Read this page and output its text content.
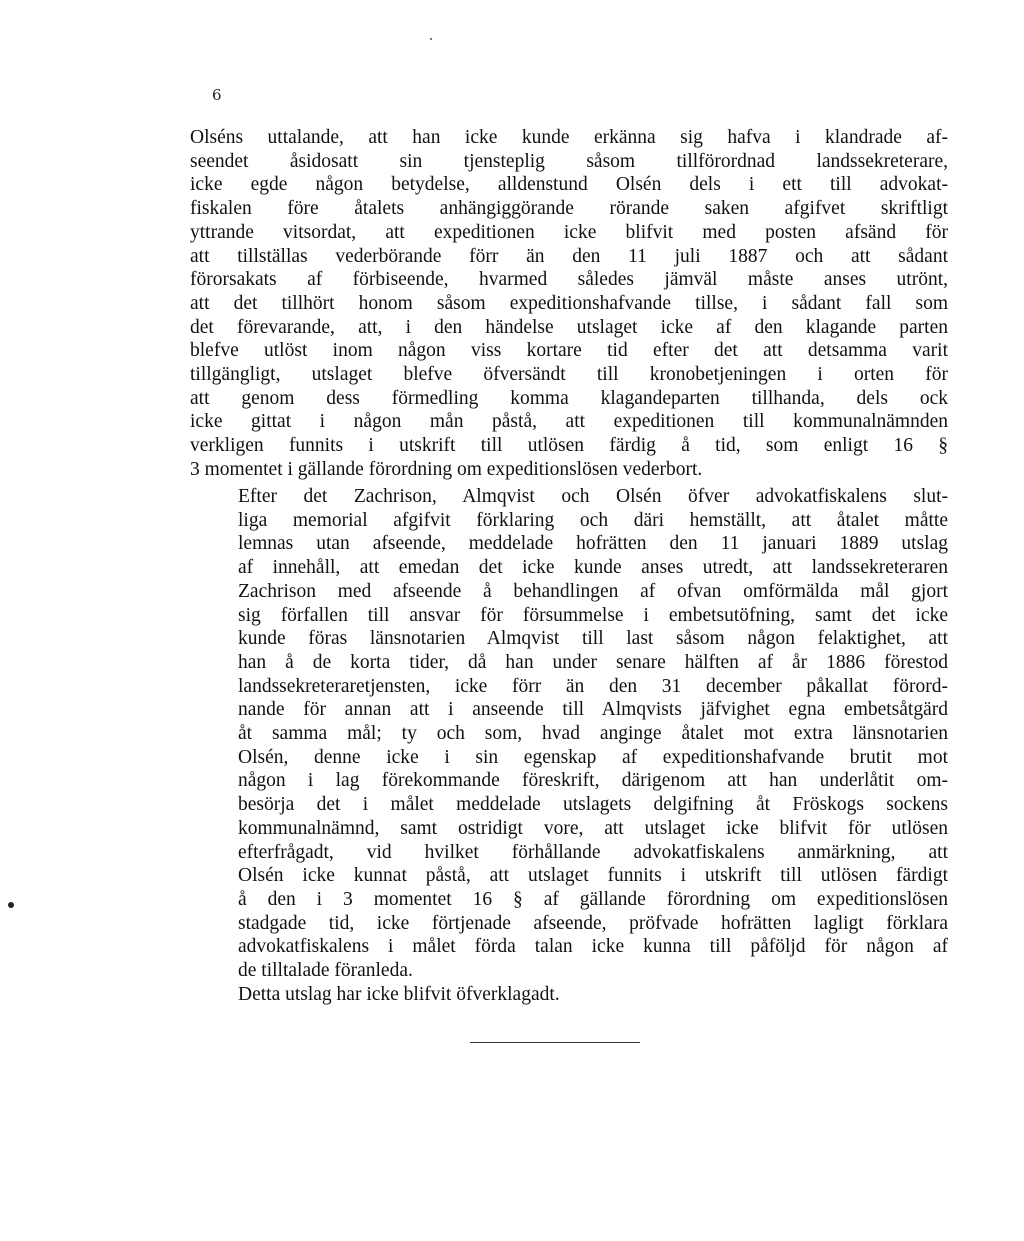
6
Olséns uttalande, att han icke kunde erkänna sig hafva i klandrade af-
seendet åsidosatt sin tjensteplig såsom tillförordnad landssekreterare,
icke egde någon betydelse, alldenstund Olsén dels i ett till advokat-
fiskalen före åtalets anhängiggörande rörande saken afgifvet skriftligt
yttrande vitsordat, att expeditionen icke blifvit med posten afsänd för
att tillställas vederbörande förr än den 11 juli 1887 och att sådant
förorsakats af förbiseende, hvarmed således jämväl måste anses utrönt,
att det tillhört honom såsom expeditionshafvande tillse, i sådant fall som
det förevarande, att, i den händelse utslaget icke af den klagande parten
blefve utlöst inom någon viss kortare tid efter det att detsamma varit
tillgängligt, utslaget blefve öfversändt till kronobetjeningen i orten för
att genom dess förmedling komma klagandeparten tillhanda, dels ock
icke gittat i någon mån påstå, att expeditionen till kommunalnämnden
verkligen funnits i utskrift till utlösen färdig å tid, som enligt 16 §
3 momentet i gällande förordning om expeditionslösen vederbort.
Efter det Zachrison, Almqvist och Olsén öfver advokatfiskalens slut-
liga memorial afgifvit förklaring och däri hemställt, att åtalet måtte
lemnas utan afseende, meddelade hofrätten den 11 januari 1889 utslag
af innehåll, att emedan det icke kunde anses utredt, att landssekreteraren
Zachrison med afseende å behandlingen af ofvan omförmälda mål gjort
sig förfallen till ansvar för försummelse i embetsutöfning, samt det icke
kunde föras länsnotarien Almqvist till last såsom någon felaktighet, att
han å de korta tider, då han under senare hälften af år 1886 förestod
landssekreteraretjensten, icke förr än den 31 december påkallat förord-
nande för annan att i anseende till Almqvists jäfvighet egna embetsåtgärd
åt samma mål; ty och som, hvad anginge åtalet mot extra länsnotarien
Olsén, denne icke i sin egenskap af expeditionshafvande brutit mot
någon i lag förekommande föreskrift, därigenom att han underlåtit om-
besörja det i målet meddelade utslagets delgifning åt Fröskogs sockens
kommunalnämnd, samt ostridigt vore, att utslaget icke blifvit för utlösen
efterfrågadt, vid hvilket förhållande advokatfiskalens anmärkning, att
Olsén icke kunnat påstå, att utslaget funnits i utskrift till utlösen färdigt
å den i 3 momentet 16 § af gällande förordning om expeditionslösen
stadgade tid, icke förtjenade afseende, pröfvade hofrätten lagligt förklara
advokatfiskalens i målet förda talan icke kunna till påföljd för någon af
de tilltalade föranleda.
Detta utslag har icke blifvit öfverklagadt.
